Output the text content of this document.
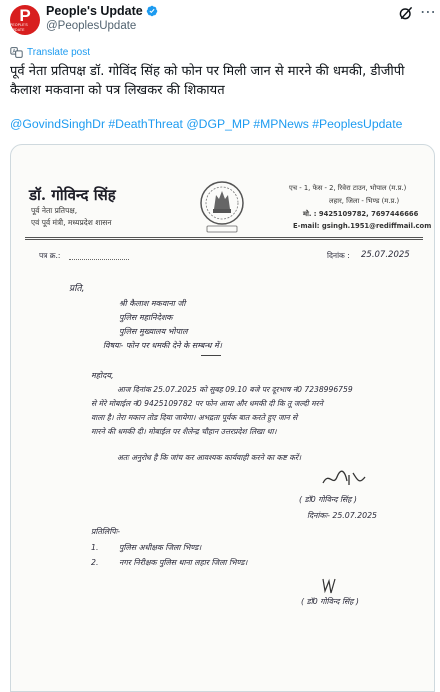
P
PEOPLE'S UPDATE
People's Update
@PeoplesUpdate
⋯
A Translate post
पूर्व नेता प्रतिपक्ष डॉ. गोविंद सिंह को फोन पर मिली जान से मारने की धमकी, डीजीपी कैलाश मकवाना को पत्र लिखकर की शिकायत
@GovindSinghDr #DeathThreat @DGP_MP #MPNews #PeoplesUpdate
डॉ. गोविन्द सिंह
पूर्व नेता प्रतिपक्ष,
एवं पूर्व मंत्री, मध्यप्रदेश शासन
एच - 1, फेस - 2, रिवेरा टाउन, भोपाल (म.प्र.)
लहार, जिला - भिण्ड (म.प्र.)
मो. : 9425109782, 7697446666
E-mail: gsingh.1951@rediffmail.com
पत्र क्र.:	दिनांक : 25.07.2025
प्रति,
श्री कैलाश मकवाना जी
पुलिस महानिदेशक
पुलिस मुख्यालय भोपाल
विषयः- फोन पर धमकी देने के सम्बन्ध में।
महोदय,
आज दिनांक 25.07.2025 को सुबह 09.10 बजे पर दूरभाष नं0 7238996759
से मेरे मोबाईल नं0 9425109782 पर फोन आया और धमकी दी कि तू जल्दी मरने
वाला है। तेरा मकान तोड दिया जायेगा। अभद्रता पूर्वक बात करते हुए जान से
मारने की धमकी दी। मोबाईल पर शैलेन्द्र चौहान उत्तरप्रदेश लिखा था।
अतः अनुरोध है कि जांच कर आवश्यक कार्यवाही करने का कष्ट करें।
( डॉ0 गोविन्द सिंह )
दिनांकः- 25.07.2025
प्रतिलिपिः-
1.	पुलिस अधीक्षक जिला भिण्ड।
2.	नगर निरीक्षक पुलिस थाना लहार जिला भिण्ड।
( डॉ0 गोविन्द सिंह )
